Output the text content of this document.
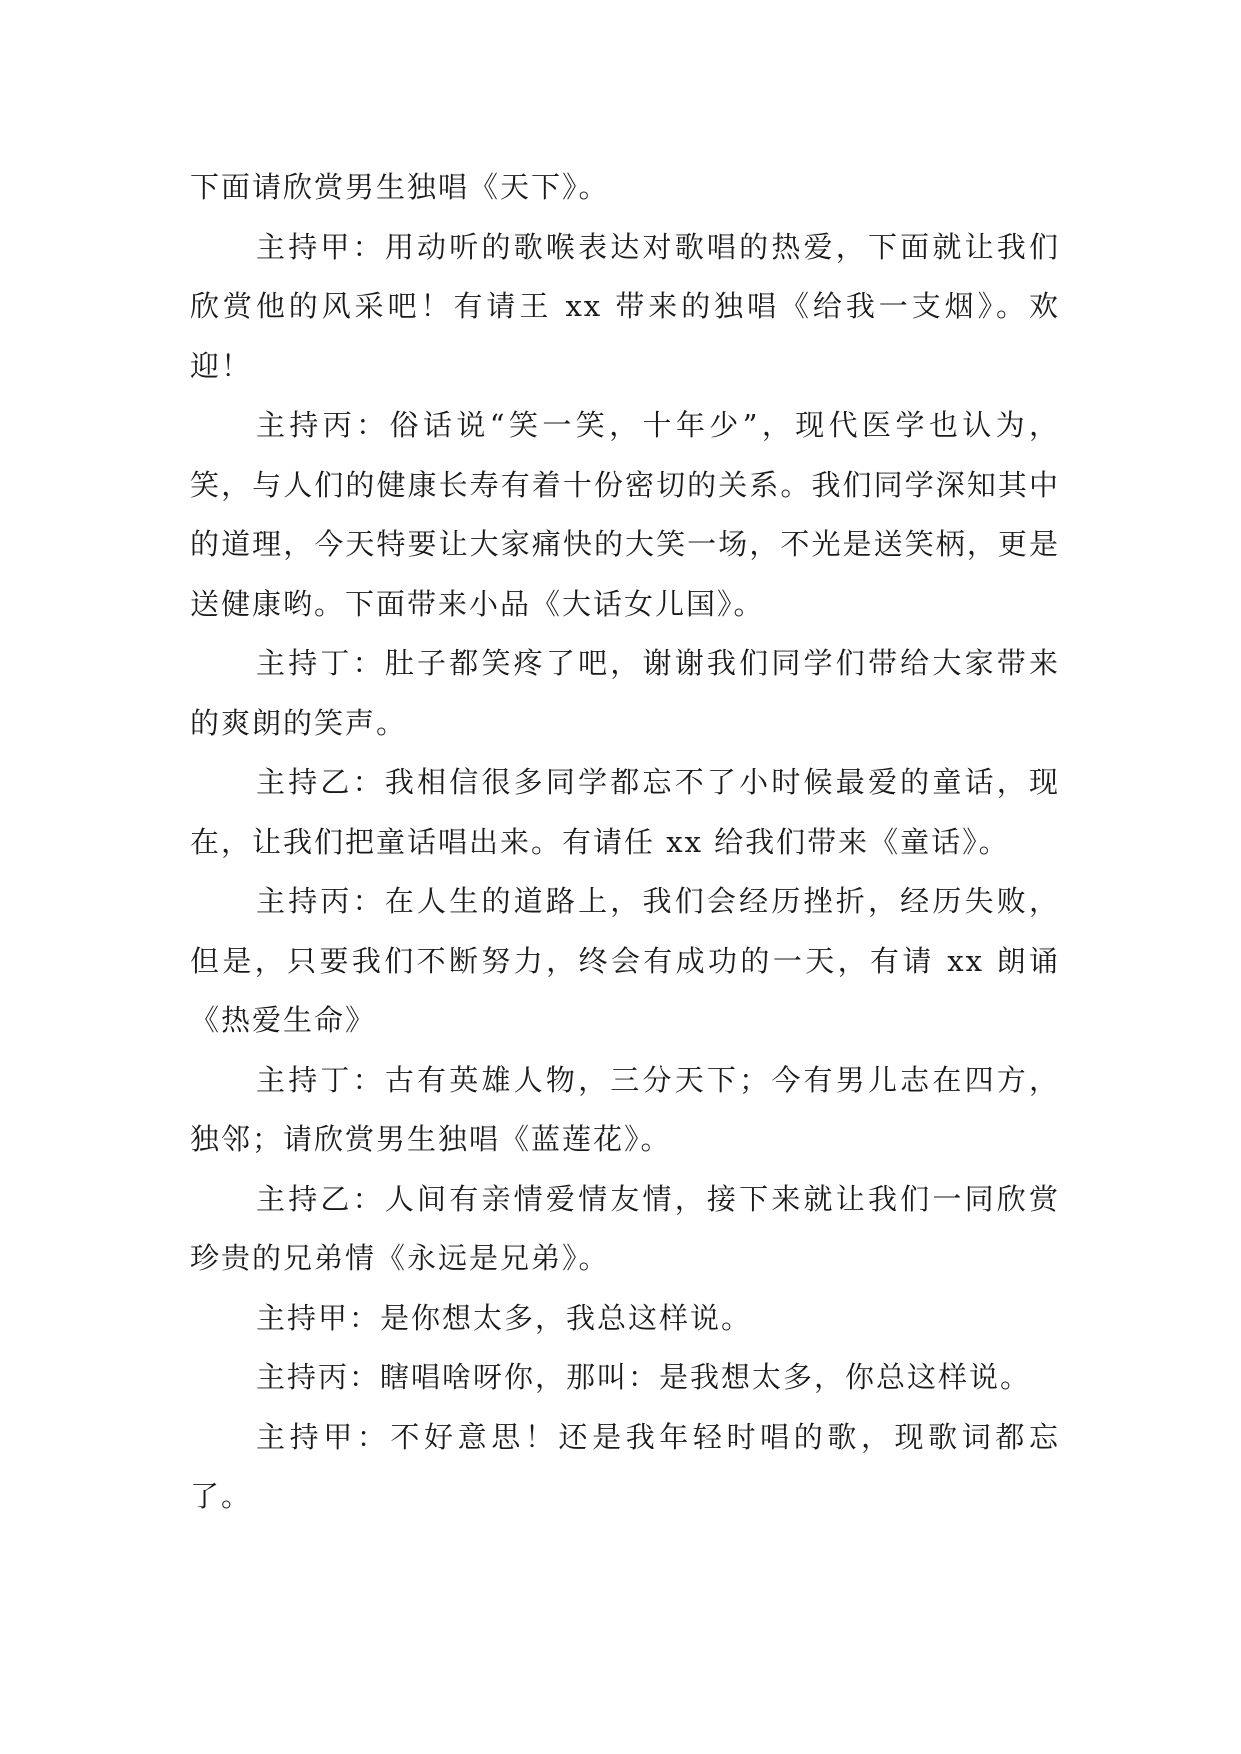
下面请欣赏男生独唱《天下》。

主持甲：用动听的歌喉表达对歌唱的热爱，下面就让我们欣赏他的风采吧！有请王 xx 带来的独唱《给我一支烟》。欢迎！

主持丙：俗话说“笑一笑，十年少”，现代医学也认为，笑，与人们的健康长寿有着十份密切的关系。我们同学深知其中的道理，今天特要让大家痛快的大笑一场，不光是送笑柄，更是送健康哟。下面带来小品《大话女儿国》。

主持丁：肚子都笑疼了吧，谢谢我们同学们带给大家带来的爽朗的笑声。

主持乙：我相信很多同学都忘不了小时候最爱的童话，现在，让我们把童话唱出来。有请任 xx 给我们带来《童话》。

主持丙：在人生的道路上，我们会经历挫折，经历失败，但是，只要我们不断努力，终会有成功的一天，有请 xx 朗诵《热爱生命》

主持丁：古有英雄人物，三分天下；今有男儿志在四方，独邻；请欣赏男生独唱《蓝莲花》。

主持乙：人间有亲情爱情友情，接下来就让我们一同欣赏珍贵的兄弟情《永远是兄弟》。

主持甲：是你想太多，我总这样说。

主持丙：瞎唱啥呀你，那叫：是我想太多，你总这样说。

主持甲：不好意思！还是我年轻时唱的歌，现歌词都忘了。
